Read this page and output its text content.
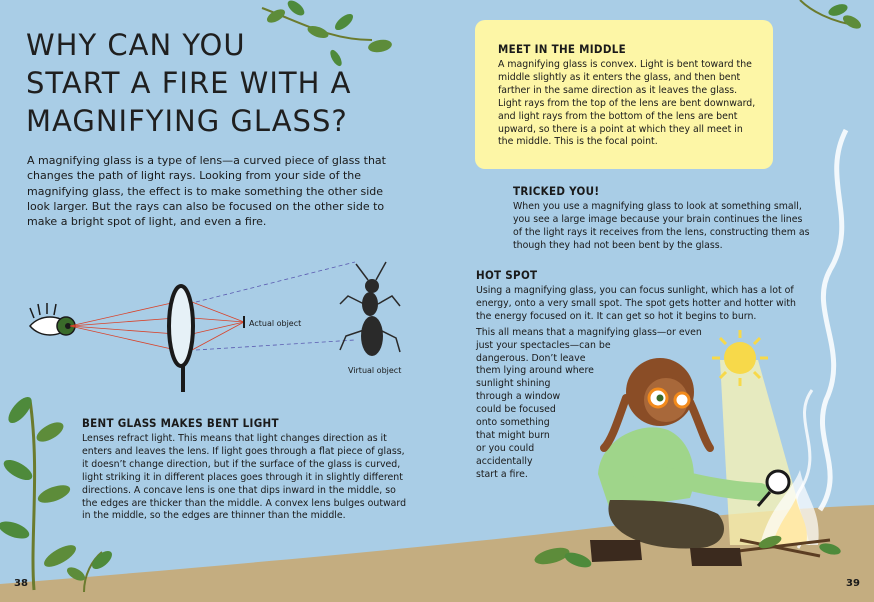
WHY CAN YOU
START A FIRE WITH A
MAGNIFYING GLASS?

A magnifying glass is a type of lens—a curved piece of glass that
changes the path of light rays. Looking from your side of the
magnifying glass, the effect is to make something the other side
look larger. But the rays can also be focused on the other side to
make a bright spot of light, and even a fire.

Actual object
Virtual object
BENT GLASS MAKES BENT LIGHT

Lenses refract light. This means that light changes direction as it
enters and leaves the lens. If light goes through a flat piece of glass,
it doesn’t change direction, but if the surface of the glass is curved,
light striking it in different places goes through it in slightly different
directions. A concave lens is one that dips inward in the middle, so
the edges are thicker than the middle. A convex lens bulges outward
in the middle, so the edges are thinner than the middle.

MEET IN THE MIDDLE

A magnifying glass is convex. Light is bent toward the
middle slightly as it enters the glass, and then bent
farther in the same direction as it leaves the glass.
Light rays from the top of the lens are bent downward,
and light rays from the bottom of the lens are bent
upward, so there is a point at which they all meet in
the middle. This is the focal point.

TRICKED YOU!

When you use a magnifying glass to look at something small,
you see a large image because your brain continues the lines
of the light rays it receives from the lens, constructing them as
though they had not been bent by the glass.

HOT SPOT

Using a magnifying glass, you can focus sunlight, which has a lot of
energy, onto a very small spot. The spot gets hotter and hotter with
the energy focused on it. It can get so hot it begins to burn.

This all means that a magnifying glass—or even
just your spectacles—can be
dangerous. Don’t leave
them lying around where
sunlight shining
through a window
could be focused
onto something
that might burn
or you could
accidentally
start a fire.

38	39
